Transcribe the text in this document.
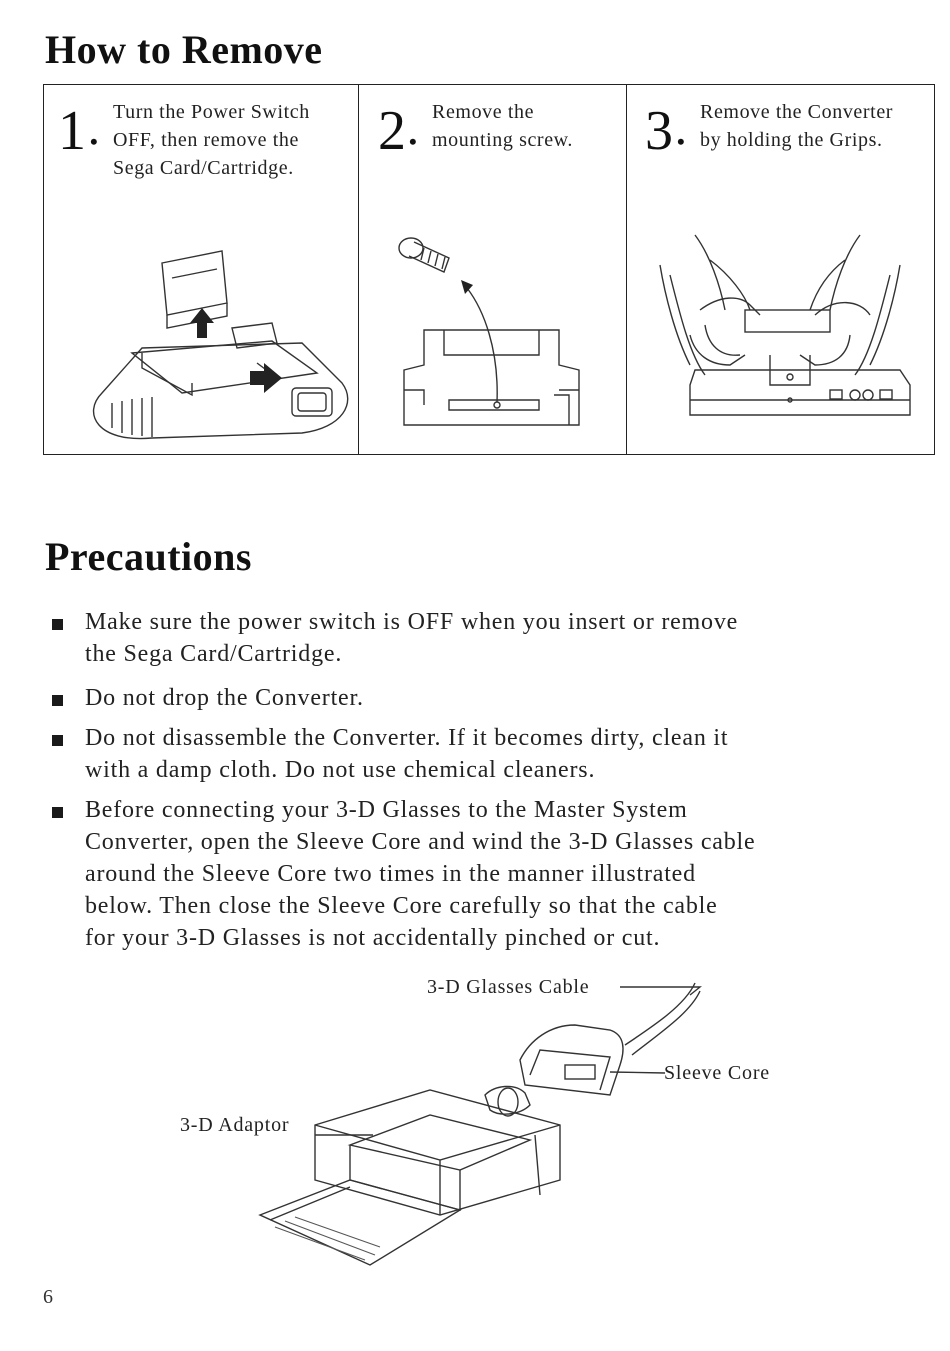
How to Remove
1 •
Turn the Power Switch
OFF, then remove the
Sega Card/Cartridge.
2 •
Remove the
mounting screw. 3 •
Remove the Converter
by holding the Grips.
Precautions
Make sure the power switch is OFF when you insert or remove
the Sega Card/Cartridge.
Do not drop the Converter.
Do not disassemble the Converter. If it becomes dirty, clean it
with a damp cloth. Do not use chemical cleaners.
Before connecting your 3-D Glasses to the Master System
Converter, open the Sleeve Core and wind the 3-D Glasses cable
around the Sleeve Core two times in the manner illustrated
below. Then close the Sleeve Core carefully so that the cable
for your 3-D Glasses is not accidentally pinched or cut.
3-D Glasses Cable
Sleeve Core
3-D Adaptor
6
